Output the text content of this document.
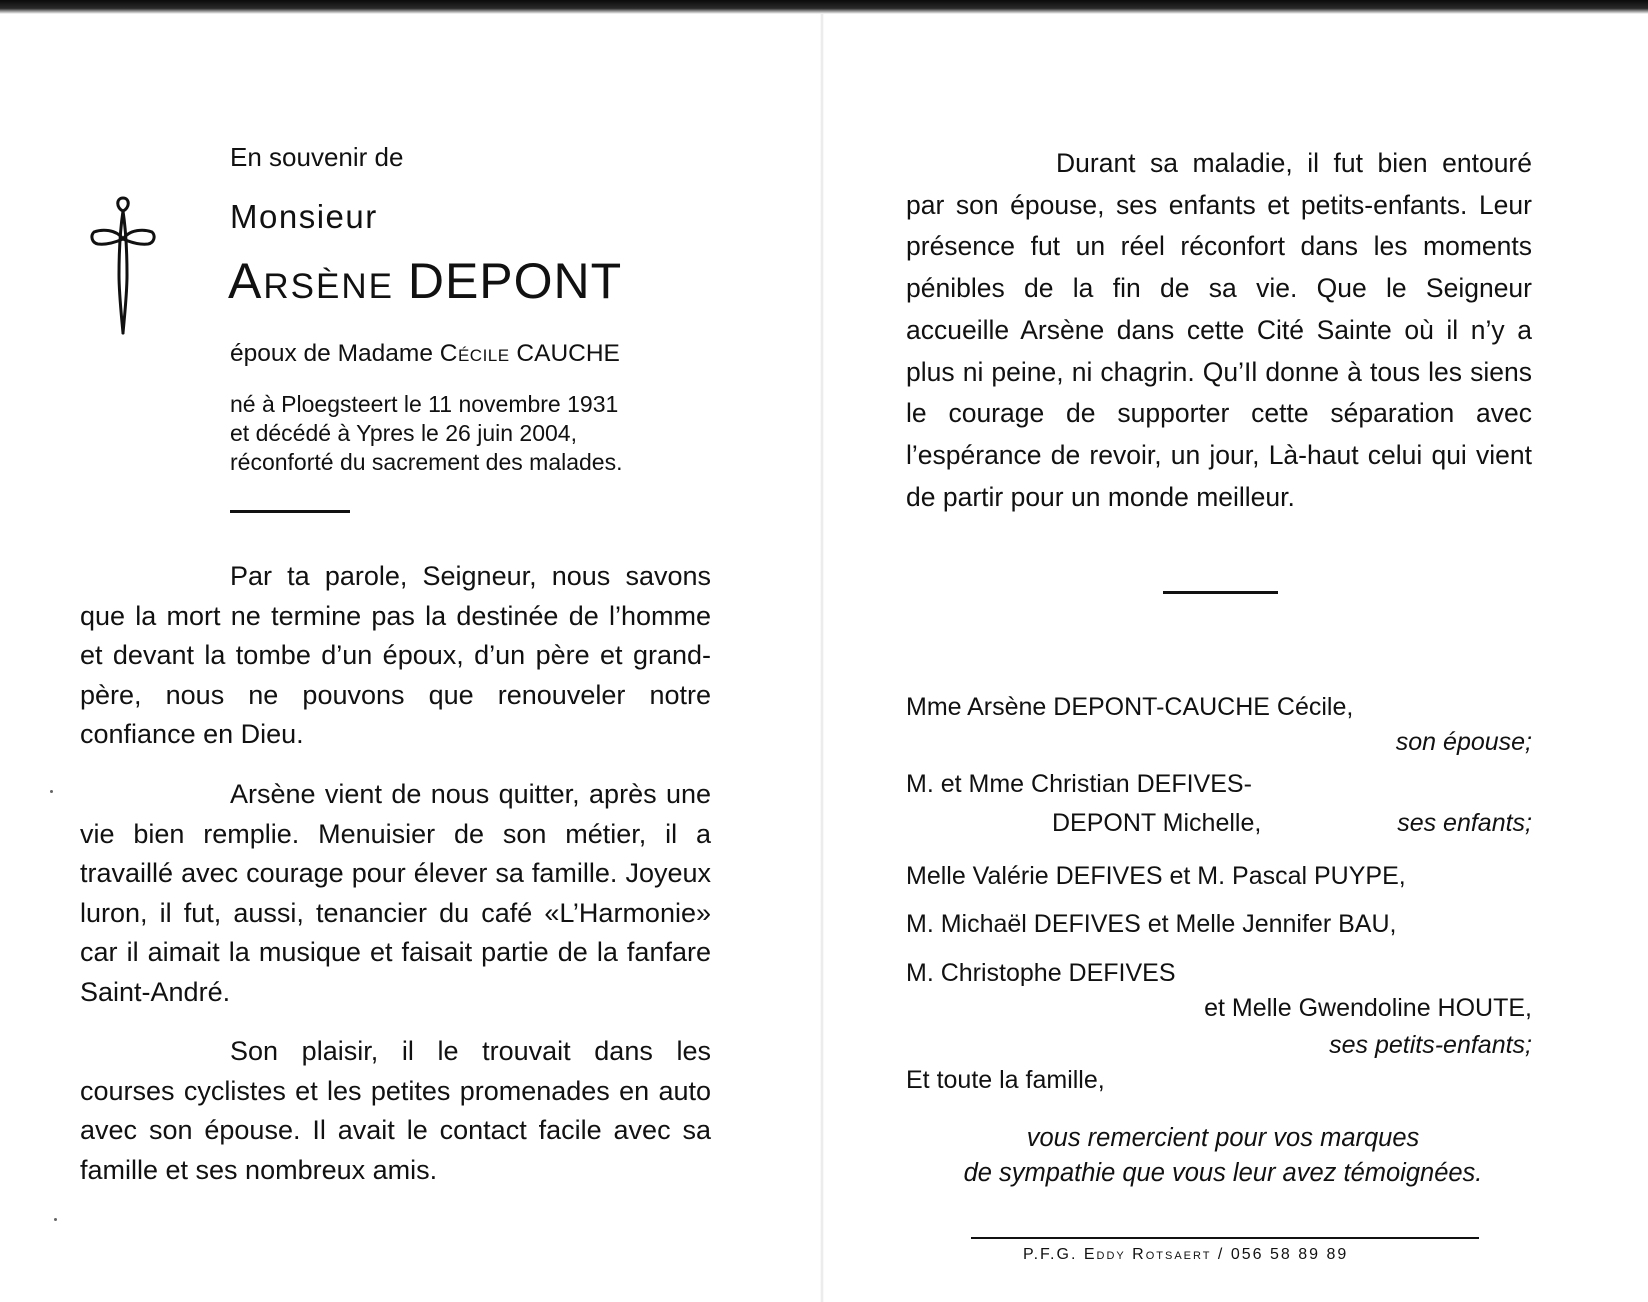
En souvenir de
Monsieur
Arsène DEPONT
époux de Madame Cécile CAUCHE
né à Ploegsteert le 11 novembre 1931
et décédé à Ypres le 26 juin 2004,
réconforté du sacrement des malades.

Par ta parole, Seigneur, nous savons que la mort ne termine pas la destinée de l’homme et devant la tombe d’un époux, d’un père et grand-père, nous ne pouvons que renouveler notre confiance en Dieu.

Arsène vient de nous quitter, après une vie bien remplie. Menuisier de son métier, il a travaillé avec courage pour élever sa famille. Joyeux luron, il fut, aussi, tenancier du café «L’Harmonie» car il aimait la musique et faisait partie de la fanfare Saint-André.

Son plaisir, il le trouvait dans les courses cyclistes et les petites promenades en auto avec son épouse. Il avait le contact facile avec sa famille et ses nombreux amis.

Durant sa maladie, il fut bien entouré par son épouse, ses enfants et petits-enfants. Leur présence fut un réel réconfort dans les moments pénibles de la fin de sa vie. Que le Seigneur accueille Arsène dans cette Cité Sainte où il n’y a plus ni peine, ni chagrin. Qu’Il donne à tous les siens le courage de supporter cette séparation avec l’espérance de revoir, un jour, Là-haut celui qui vient de partir pour un monde meilleur.

Mme Arsène DEPONT-CAUCHE Cécile,
son épouse;
M. et Mme Christian DEFIVES-
DEPONT Michelle,	ses enfants;
Melle Valérie DEFIVES et M. Pascal PUYPE,
M. Michaël DEFIVES et Melle Jennifer BAU,
M. Christophe DEFIVES
et Melle Gwendoline HOUTE,
ses petits-enfants;
Et toute la famille,
vous remercient pour vos marques
de sympathie que vous leur avez témoignées.
P.F.G. Eddy Rotsaert / 056 58 89 89
